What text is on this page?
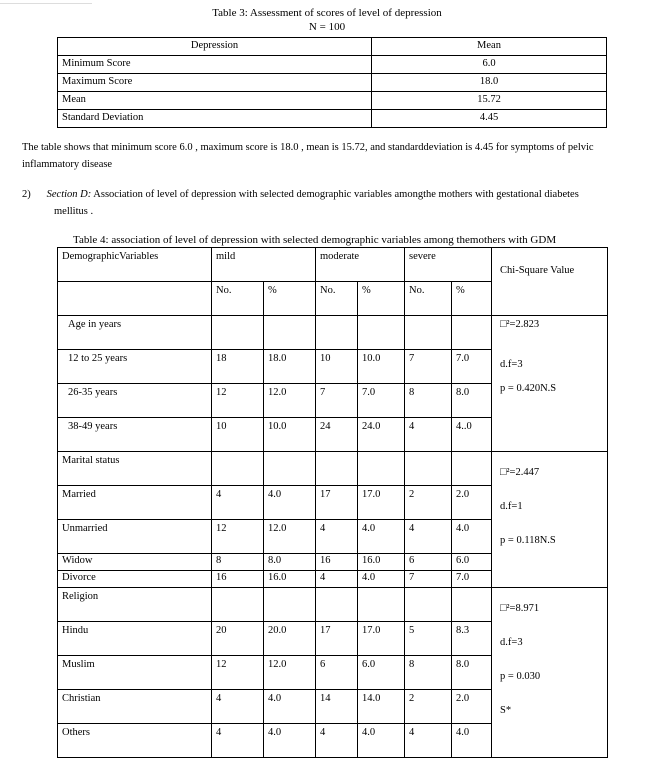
Table 3: Assessment of scores of level of depression
N = 100
Depression	Mean
Minimum Score	6.0
Maximum Score	18.0
Mean	15.72
Standard Deviation	4.45
The table shows that minimum score 6.0 , maximum score is 18.0 , mean is 15.72, and standarddeviation is 4.45 for symptoms of pelvic inflammatory disease
2) Section D: Association of level of depression with selected demographic variables amongthe mothers with gestational diabetes
mellitus .
Table 4: association of level of depression with selected demographic variables among themothers with GDM
DemographicVariables	mild		moderate		severe		Chi-Square Value
	No.	%	No.	%	No.	%	
Age in years							□²=2.823
d.f=3
p = 0.420N.S

12 to 25 years	18	18.0	10	10.0	7	7.0	
26-35 years	12	12.0	7	7.0	8	8.0	
38-49 years	10	10.0	24	24.0	4	4..0	
Marital status							□²=2.447
d.f=1
p = 0.118N.S

Married	4	4.0	17	17.0	2	2.0	
Unmarried	12	12.0	4	4.0	4	4.0	
Widow	8	8.0	16	16.0	6	6.0	
Divorce	16	16.0	4	4.0	7	7.0	
Religion							□²=8.971
d.f=3
p = 0.030
S*

Hindu	20	20.0	17	17.0	5	8.3	
Muslim	12	12.0	6	6.0	8	8.0	
Christian	4	4.0	14	14.0	2	2.0	
Others	4	4.0	4	4.0	4	4.0	
